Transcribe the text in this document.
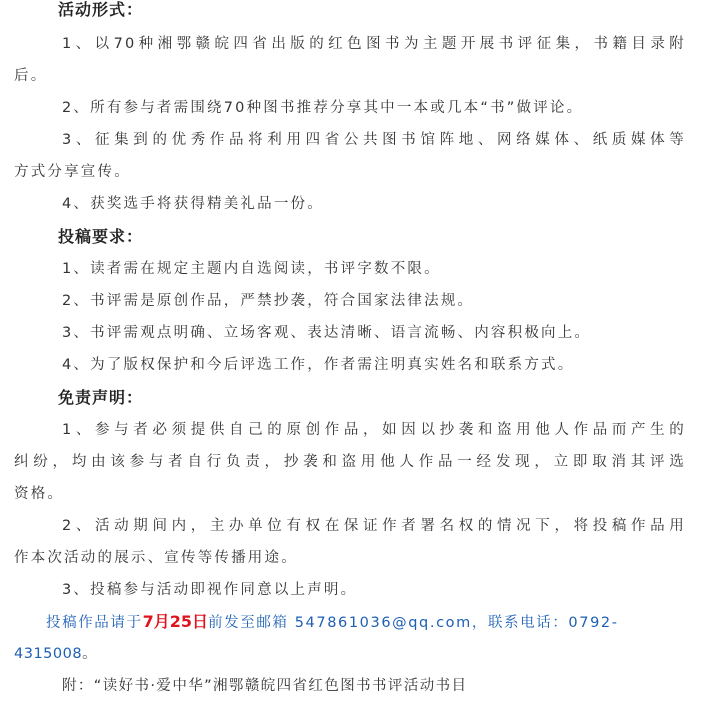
活动形式：
1、以70种湘鄂赣皖四省出版的红色图书为主题开展书评征集，书籍目录附
后。
2、所有参与者需围绕70种图书推荐分享其中一本或几本“书”做评论。
3、征集到的优秀作品将利用四省公共图书馆阵地、网络媒体、纸质媒体等
方式分享宣传。
4、获奖选手将获得精美礼品一份。
投稿要求：
1、读者需在规定主题内自选阅读，书评字数不限。
2、书评需是原创作品，严禁抄袭，符合国家法律法规。
3、书评需观点明确、立场客观、表达清晰、语言流畅、内容积极向上。
4、为了版权保护和今后评选工作，作者需注明真实姓名和联系方式。
免责声明：
1、参与者必须提供自己的原创作品，如因以抄袭和盗用他人作品而产生的
纠纷，均由该参与者自行负责，抄袭和盗用他人作品一经发现，立即取消其评选
资格。
2、活动期间内，主办单位有权在保证作者署名权的情况下，将投稿作品用
作本次活动的展示、宣传等传播用途。
3、投稿参与活动即视作同意以上声明。
投稿作品请于7月25日前发至邮箱 547861036@qq.com，联系电话：0792-
4315008。
附：“读好书·爱中华”湘鄂赣皖四省红色图书书评活动书目
